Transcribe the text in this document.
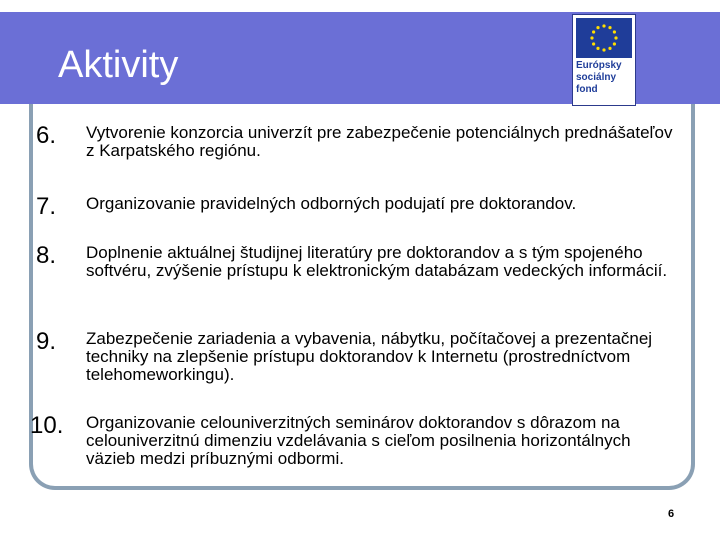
Aktivity	Európsky
sociálny
fond
6. Vytvorenie konzorcia univerzít pre zabezpečenie potenciálnych prednášateľov z Karpatského regiónu.
7. Organizovanie pravidelných odborných podujatí pre doktorandov.
8. Doplnenie aktuálnej študijnej literatúry pre doktorandov a s tým spojeného softvéru, zvýšenie prístupu k elektronickým databázam vedeckých informácií.
9. Zabezpečenie zariadenia a vybavenia, nábytku, počítačovej a prezentačnej techniky na zlepšenie prístupu doktorandov k Internetu (prostredníctvom telehomeworkingu).
10. Organizovanie celouniverzitných seminárov doktorandov s dôrazom na celouniverzitnú dimenziu vzdelávania s cieľom posilnenia horizontálnych väzieb medzi príbuznými odbormi.
6
